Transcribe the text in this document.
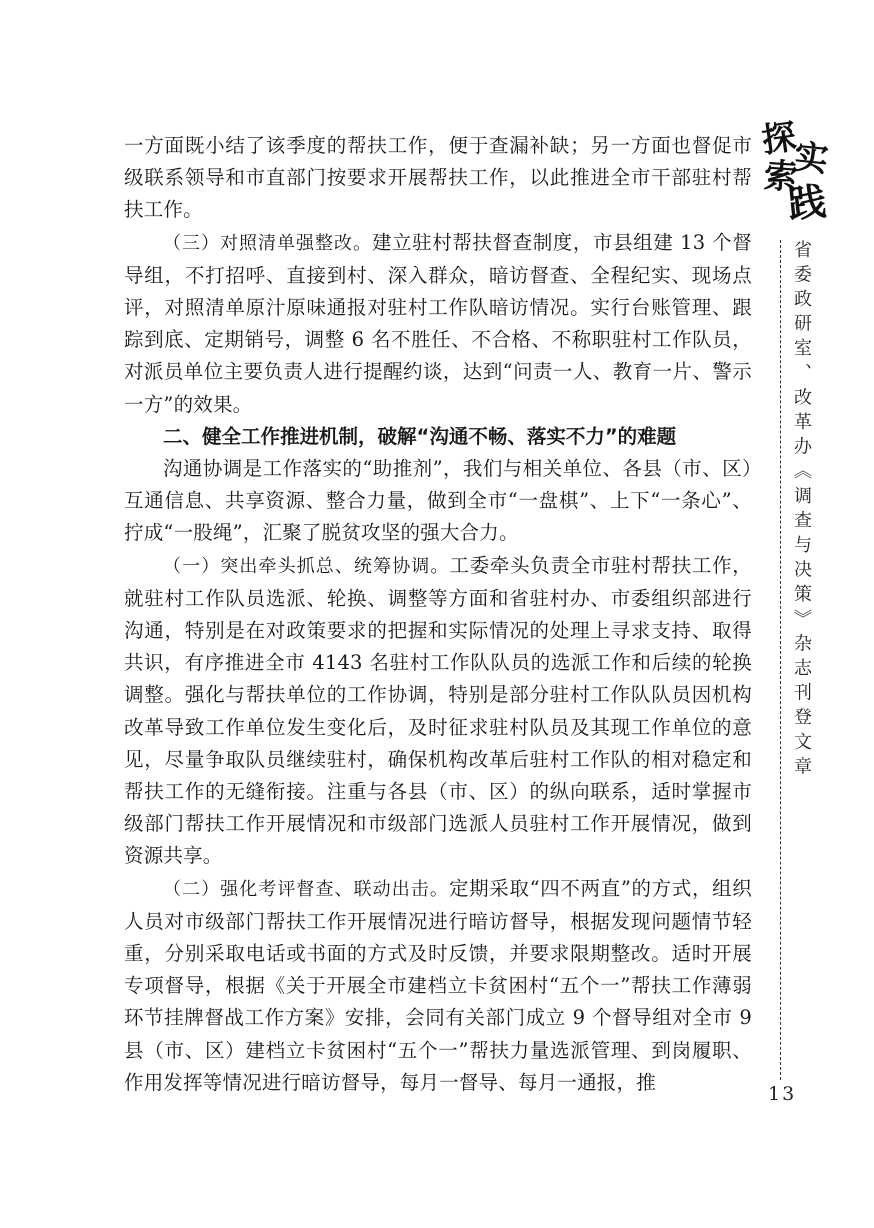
一方面既小结了该季度的帮扶工作，便于查漏补缺；另一方面也督促市级联系领导和市直部门按要求开展帮扶工作，以此推进全市干部驻村帮扶工作。

（三）对照清单强整改。建立驻村帮扶督查制度，市县组建 13 个督导组，不打招呼、直接到村、深入群众，暗访督查、全程纪实、现场点评，对照清单原汁原味通报对驻村工作队暗访情况。实行台账管理、跟踪到底、定期销号，调整 6 名不胜任、不合格、不称职驻村工作队员，对派员单位主要负责人进行提醒约谈，达到“问责一人、教育一片、警示一方”的效果。

二、健全工作推进机制，破解“沟通不畅、落实不力”的难题

沟通协调是工作落实的“助推剂”，我们与相关单位、各县（市、区）互通信息、共享资源、整合力量，做到全市“一盘棋”、上下“一条心”、拧成“一股绳”，汇聚了脱贫攻坚的强大合力。

（一）突出牵头抓总、统筹协调。工委牵头负责全市驻村帮扶工作，就驻村工作队员选派、轮换、调整等方面和省驻村办、市委组织部进行沟通，特别是在对政策要求的把握和实际情况的处理上寻求支持、取得共识，有序推进全市 4143 名驻村工作队队员的选派工作和后续的轮换调整。强化与帮扶单位的工作协调，特别是部分驻村工作队队员因机构改革导致工作单位发生变化后，及时征求驻村队员及其现工作单位的意见，尽量争取队员继续驻村，确保机构改革后驻村工作队的相对稳定和帮扶工作的无缝衔接。注重与各县（市、区）的纵向联系，适时掌握市级部门帮扶工作开展情况和市级部门选派人员驻村工作开展情况，做到资源共享。

（二）强化考评督查、联动出击。定期采取“四不两直”的方式，组织人员对市级部门帮扶工作开展情况进行暗访督导，根据发现问题情节轻重，分别采取电话或书面的方式及时反馈，并要求限期整改。适时开展专项督导，根据《关于开展全市建档立卡贫困村“五个一”帮扶工作薄弱环节挂牌督战工作方案》安排，会同有关部门成立 9 个督导组对全市 9 县（市、区）建档立卡贫困村“五个一”帮扶力量选派管理、到岗履职、作用发挥等情况进行暗访督导，每月一督导、每月一通报，推

探
索
实
践
省委政研室、改革办《调查与决策》杂志刊登文章
13
